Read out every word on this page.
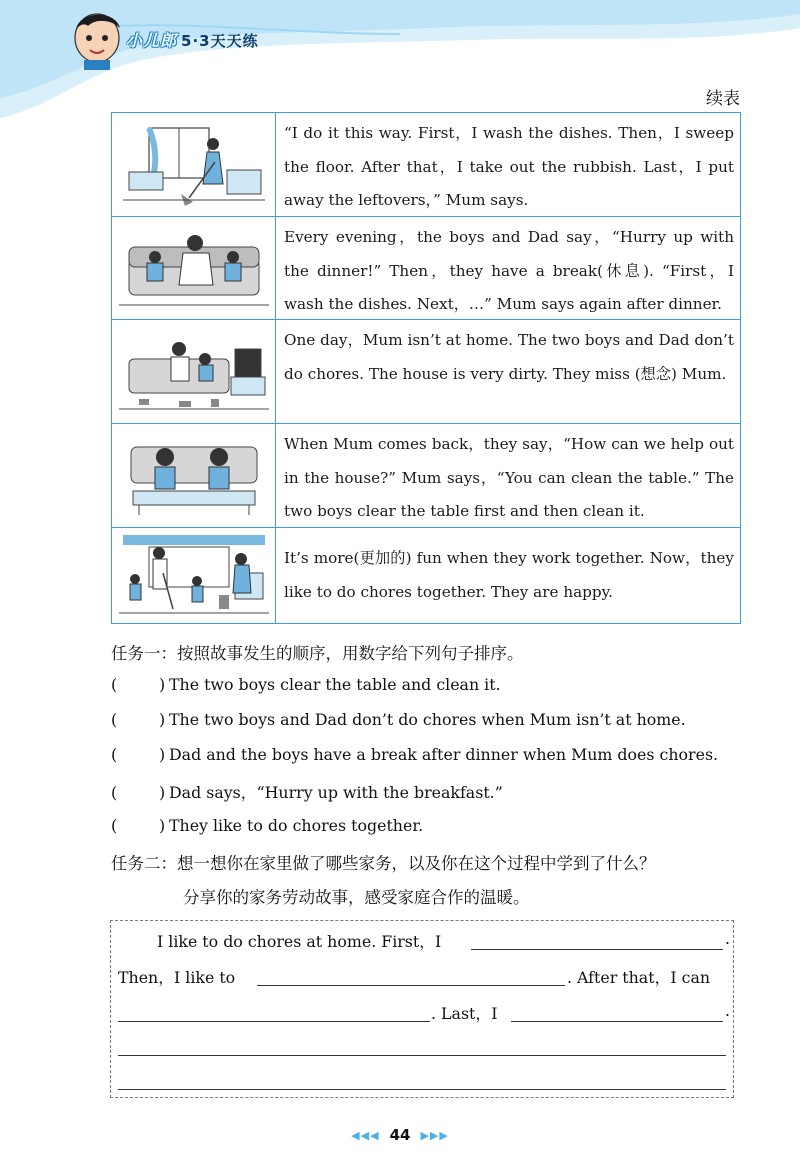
小儿郎 5·3天天练
续表
“I do it this way. First，I wash the dishes. Then，I sweep the floor. After that，I take out the rubbish. Last，I put away the leftovers，” Mum says.
Every evening，the boys and Dad say，“Hurry up with the dinner!” Then，they have a break(休息). “First，I wash the dishes. Next，…” Mum says again after dinner.
One day，Mum isn’t at home. The two boys and Dad don’t do chores. The house is very dirty. They miss (想念) Mum.
When Mum comes back，they say，“How can we help out in the house?” Mum says，“You can clean the table.” The two boys clear the table first and then clean it.
It’s more(更加的) fun when they work together. Now，they like to do chores together. They are happy.
任务一：按照故事发生的顺序，用数字给下列句子排序。
(	) The two boys clear the table and clean it.
(	) The two boys and Dad don’t do chores when Mum isn’t at home.
(	) Dad and the boys have a break after dinner when Mum does chores.
(	) Dad says，“Hurry up with the breakfast.”
(	) They like to do chores together.
任务二：想一想你在家里做了哪些家务，以及你在这个过程中学到了什么？
分享你的家务劳动故事，感受家庭合作的温暖。
I like to do chores at home. First，I	.
Then，I like to	. After that，I can
. Last，I	.
◀◀◀ 44 ▶▶▶
